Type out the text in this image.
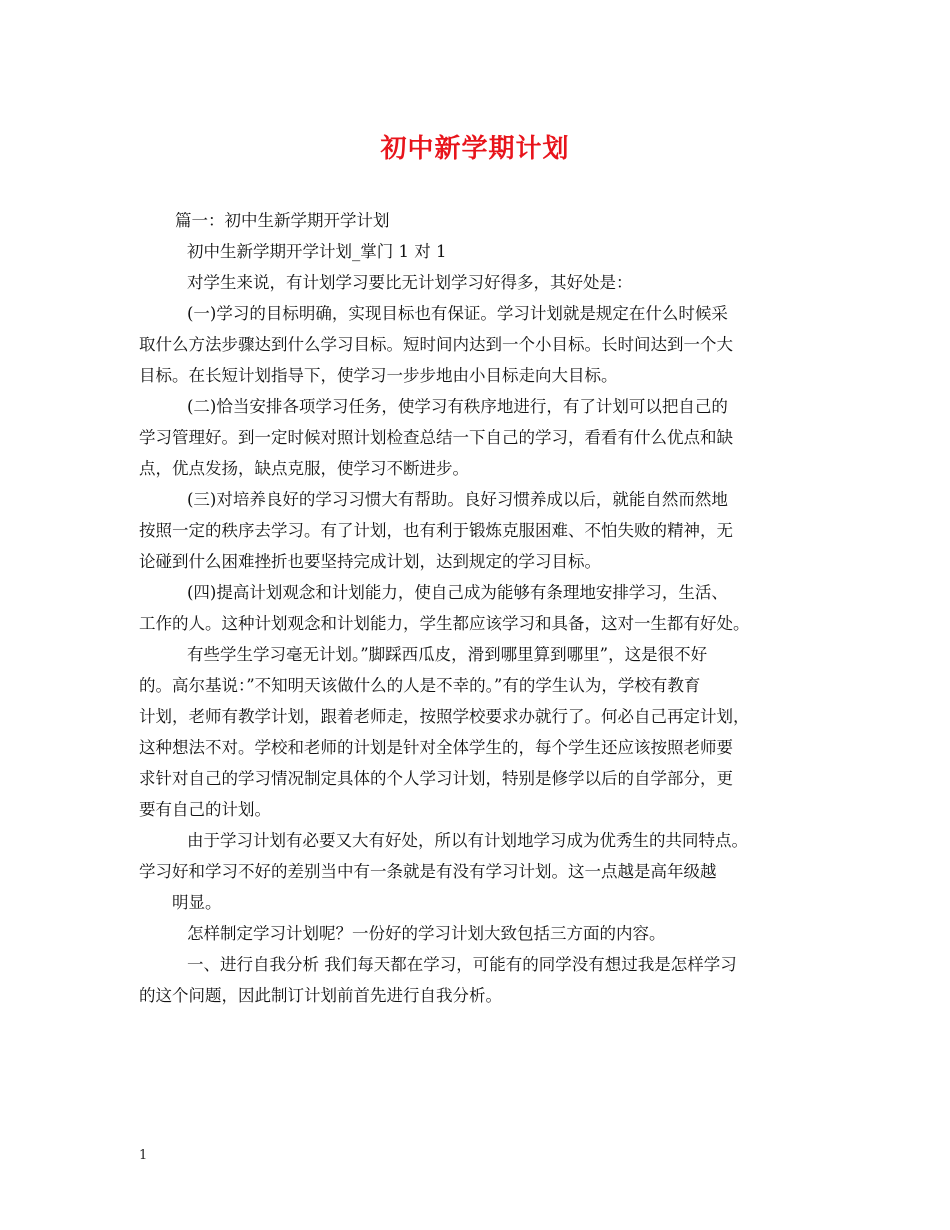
初中新学期计划

篇一：初中生新学期开学计划

初中生新学期开学计划_掌门 1 对 1

对学生来说，有计划学习要比无计划学习好得多，其好处是：

(一)学习的目标明确，实现目标也有保证。学习计划就是规定在什么时候采

取什么方法步骤达到什么学习目标。短时间内达到一个小目标。长时间达到一个大

目标。在长短计划指导下，使学习一步步地由小目标走向大目标。

(二)恰当安排各项学习任务，使学习有秩序地进行，有了计划可以把自己的

学习管理好。到一定时候对照计划检查总结一下自己的学习，看看有什么优点和缺

点，优点发扬，缺点克服，使学习不断进步。

(三)对培养良好的学习习惯大有帮助。良好习惯养成以后，就能自然而然地

按照一定的秩序去学习。有了计划，也有利于锻炼克服困难、不怕失败的精神，无

论碰到什么困难挫折也要坚持完成计划，达到规定的学习目标。

(四)提高计划观念和计划能力，使自己成为能够有条理地安排学习，生活、

工作的人。这种计划观念和计划能力，学生都应该学习和具备，这对一生都有好处。

有些学生学习毫无计划。”脚踩西瓜皮，滑到哪里算到哪里”，这是很不好

的。高尔基说：”不知明天该做什么的人是不幸的。”有的学生认为，学校有教育

计划，老师有教学计划，跟着老师走，按照学校要求办就行了。何必自己再定计划，

这种想法不对。学校和老师的计划是针对全体学生的，每个学生还应该按照老师要

求针对自己的学习情况制定具体的个人学习计划，特别是修学以后的自学部分，更

要有自己的计划。

由于学习计划有必要又大有好处，所以有计划地学习成为优秀生的共同特点。

学习好和学习不好的差别当中有一条就是有没有学习计划。这一点越是高年级越

明显。

怎样制定学习计划呢？一份好的学习计划大致包括三方面的内容。

一、进行自我分析 我们每天都在学习，可能有的同学没有想过我是怎样学习

的这个问题，因此制订计划前首先进行自我分析。

1
